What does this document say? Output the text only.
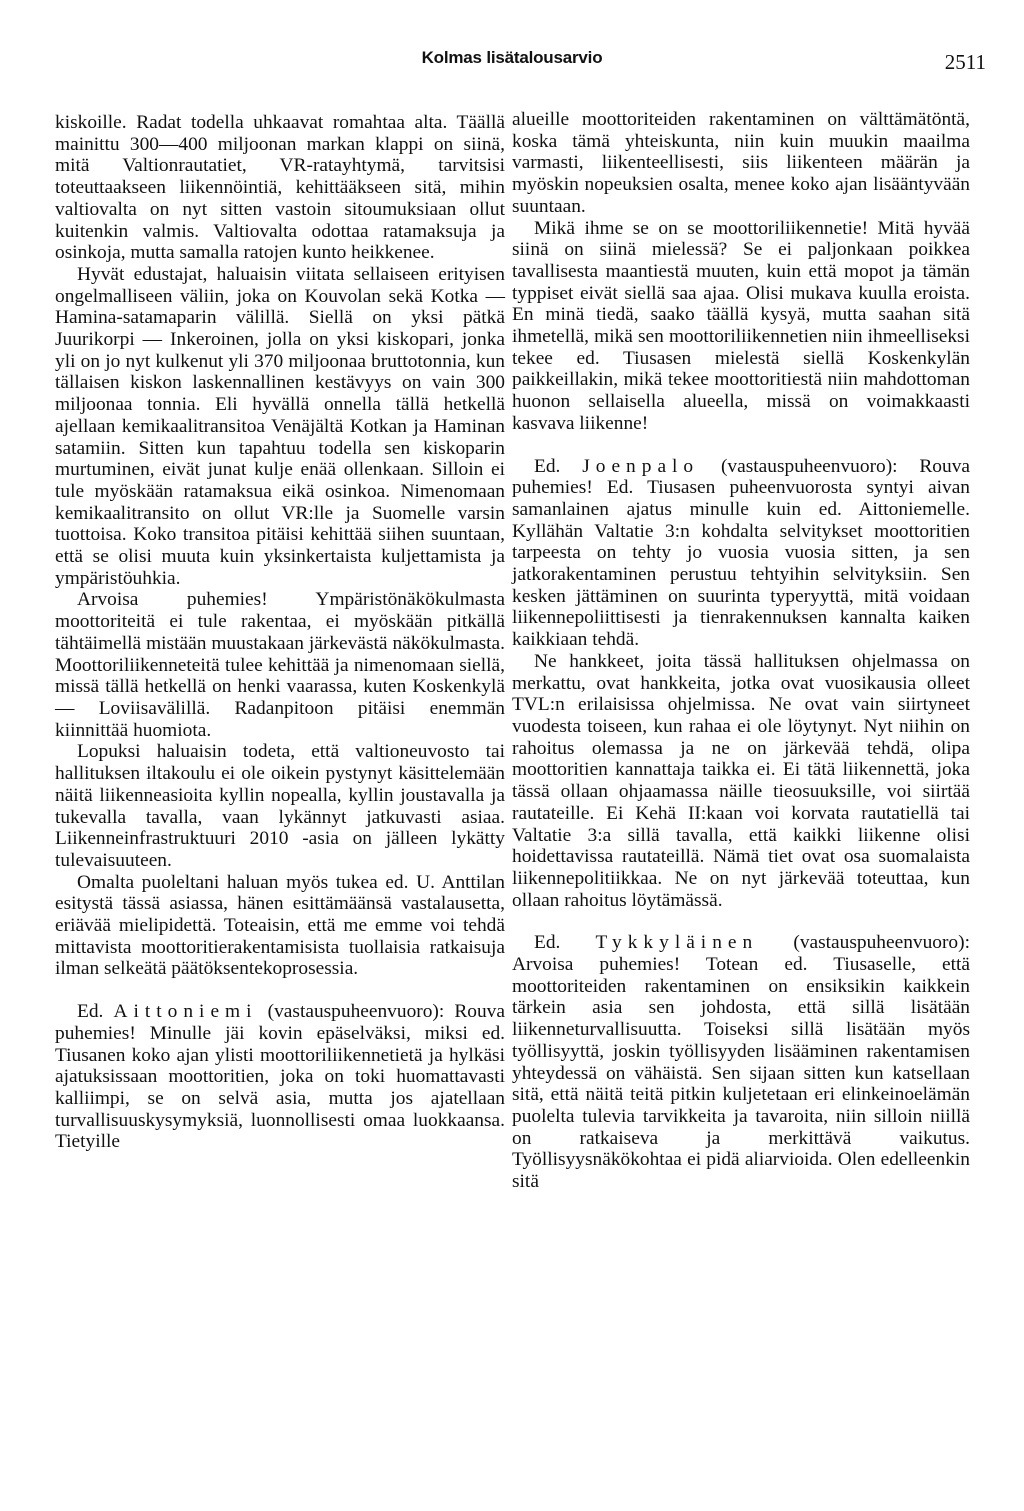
Kolmas lisätalousarvio	2511

kiskoille. Radat todella uhkaavat romahtaa alta. Täällä mainittu 300—400 miljoonan markan klappi on siinä, mitä Valtionrautatiet, VR-ratayhtymä, tarvitsisi toteuttaakseen liikennöintiä, kehittääkseen sitä, mihin valtiovalta on nyt sitten vastoin sitoumuksiaan ollut kuitenkin valmis. Valtiovalta odottaa ratamaksuja ja osinkoja, mutta samalla ratojen kunto heikkenee.

Hyvät edustajat, haluaisin viitata sellaiseen erityisen ongelmalliseen väliin, joka on Kouvolan sekä Kotka — Hamina-satamaparin välillä. Siellä on yksi pätkä Juurikorpi — Inkeroinen, jolla on yksi kiskopari, jonka yli on jo nyt kulkenut yli 370 miljoonaa bruttotonnia, kun tällaisen kiskon laskennallinen kestävyys on vain 300 miljoonaa tonnia. Eli hyvällä onnella tällä hetkellä ajellaan kemikaalitransitoa Venäjältä Kotkan ja Haminan satamiin. Sitten kun tapahtuu todella sen kiskoparin murtuminen, eivät junat kulje enää ollenkaan. Silloin ei tule myöskään ratamaksua eikä osinkoa. Nimenomaan kemikaalitransito on ollut VR:lle ja Suomelle varsin tuottoisa. Koko transitoa pitäisi kehittää siihen suuntaan, että se olisi muuta kuin yksinkertaista kuljettamista ja ympäristöuhkia.

Arvoisa puhemies! Ympäristönäkökulmasta moottoriteitä ei tule rakentaa, ei myöskään pitkällä tähtäimellä mistään muustakaan järkevästä näkökulmasta. Moottoriliikenneteitä tulee kehittää ja nimenomaan siellä, missä tällä hetkellä on henki vaarassa, kuten Koskenkylä — Loviisavälillä. Radanpitoon pitäisi enemmän kiinnittää huomiota.

Lopuksi haluaisin todeta, että valtioneuvosto tai hallituksen iltakoulu ei ole oikein pystynyt käsittelemään näitä liikenneasioita kyllin nopealla, kyllin joustavalla ja tukevalla tavalla, vaan lykännyt jatkuvasti asiaa. Liikenneinfrastruktuuri 2010 -asia on jälleen lykätty tulevaisuuteen.

Omalta puoleltani haluan myös tukea ed. U. Anttilan esitystä tässä asiassa, hänen esittämäänsä vastalausetta, eriävää mielipidettä. Toteaisin, että me emme voi tehdä mittavista moottoritierakentamisista tuollaisia ratkaisuja ilman selkeätä päätöksentekoprosessia.

Ed. Aittoniemi (vastauspuheenvuoro): Rouva puhemies! Minulle jäi kovin epäselväksi, miksi ed. Tiusanen koko ajan ylisti moottoriliikennetietä ja hylkäsi ajatuksissaan moottoritien, joka on toki huomattavasti kalliimpi, se on selvä asia, mutta jos ajatellaan turvallisuuskysymyksiä, luonnollisesti omaa luokkaansa. Tietyille

alueille moottoriteiden rakentaminen on välttämätöntä, koska tämä yhteiskunta, niin kuin muukin maailma varmasti, liikenteellisesti, siis liikenteen määrän ja myöskin nopeuksien osalta, menee koko ajan lisääntyvään suuntaan.

Mikä ihme se on se moottoriliikennetie! Mitä hyvää siinä on siinä mielessä? Se ei paljonkaan poikkea tavallisesta maantiestä muuten, kuin että mopot ja tämän typpiset eivät siellä saa ajaa. Olisi mukava kuulla eroista. En minä tiedä, saako täällä kysyä, mutta saahan sitä ihmetellä, mikä sen moottoriliikennetien niin ihmeelliseksi tekee ed. Tiusasen mielestä siellä Koskenkylän paikkeillakin, mikä tekee moottoritiestä niin mahdottoman huonon sellaisella alueella, missä on voimakkaasti kasvava liikenne!

Ed. Joenpalo (vastauspuheenvuoro): Rouva puhemies! Ed. Tiusasen puheenvuorosta syntyi aivan samanlainen ajatus minulle kuin ed. Aittoniemelle. Kyllähän Valtatie 3:n kohdalta selvitykset moottoritien tarpeesta on tehty jo vuosia vuosia sitten, ja sen jatkorakentaminen perustuu tehtyihin selvityksiin. Sen kesken jättäminen on suurinta typeryyttä, mitä voidaan liikennepoliittisesti ja tienrakennuksen kannalta kaiken kaikkiaan tehdä.

Ne hankkeet, joita tässä hallituksen ohjelmassa on merkattu, ovat hankkeita, jotka ovat vuosikausia olleet TVL:n erilaisissa ohjelmissa. Ne ovat vain siirtyneet vuodesta toiseen, kun rahaa ei ole löytynyt. Nyt niihin on rahoitus olemassa ja ne on järkevää tehdä, olipa moottoritien kannattaja taikka ei. Ei tätä liikennettä, joka tässä ollaan ohjaamassa näille tieosuuksille, voi siirtää rautateille. Ei Kehä II:kaan voi korvata rautatiellä tai Valtatie 3:a sillä tavalla, että kaikki liikenne olisi hoidettavissa rautateillä. Nämä tiet ovat osa suomalaista liikennepolitiikkaa. Ne on nyt järkevää toteuttaa, kun ollaan rahoitus löytämässä.

Ed. Tykkyläinen (vastauspuheenvuoro): Arvoisa puhemies! Totean ed. Tiusaselle, että moottoriteiden rakentaminen on ensiksikin kaikkein tärkein asia sen johdosta, että sillä lisätään liikenneturvallisuutta. Toiseksi sillä lisätään myös työllisyyttä, joskin työllisyyden lisääminen rakentamisen yhteydessä on vähäistä. Sen sijaan sitten kun katsellaan sitä, että näitä teitä pitkin kuljetetaan eri elinkeinoelämän puolelta tulevia tarvikkeita ja tavaroita, niin silloin niillä on ratkaiseva ja merkittävä vaikutus. Työllisyysnäkökohtaa ei pidä aliarvioida. Olen edelleenkin sitä
